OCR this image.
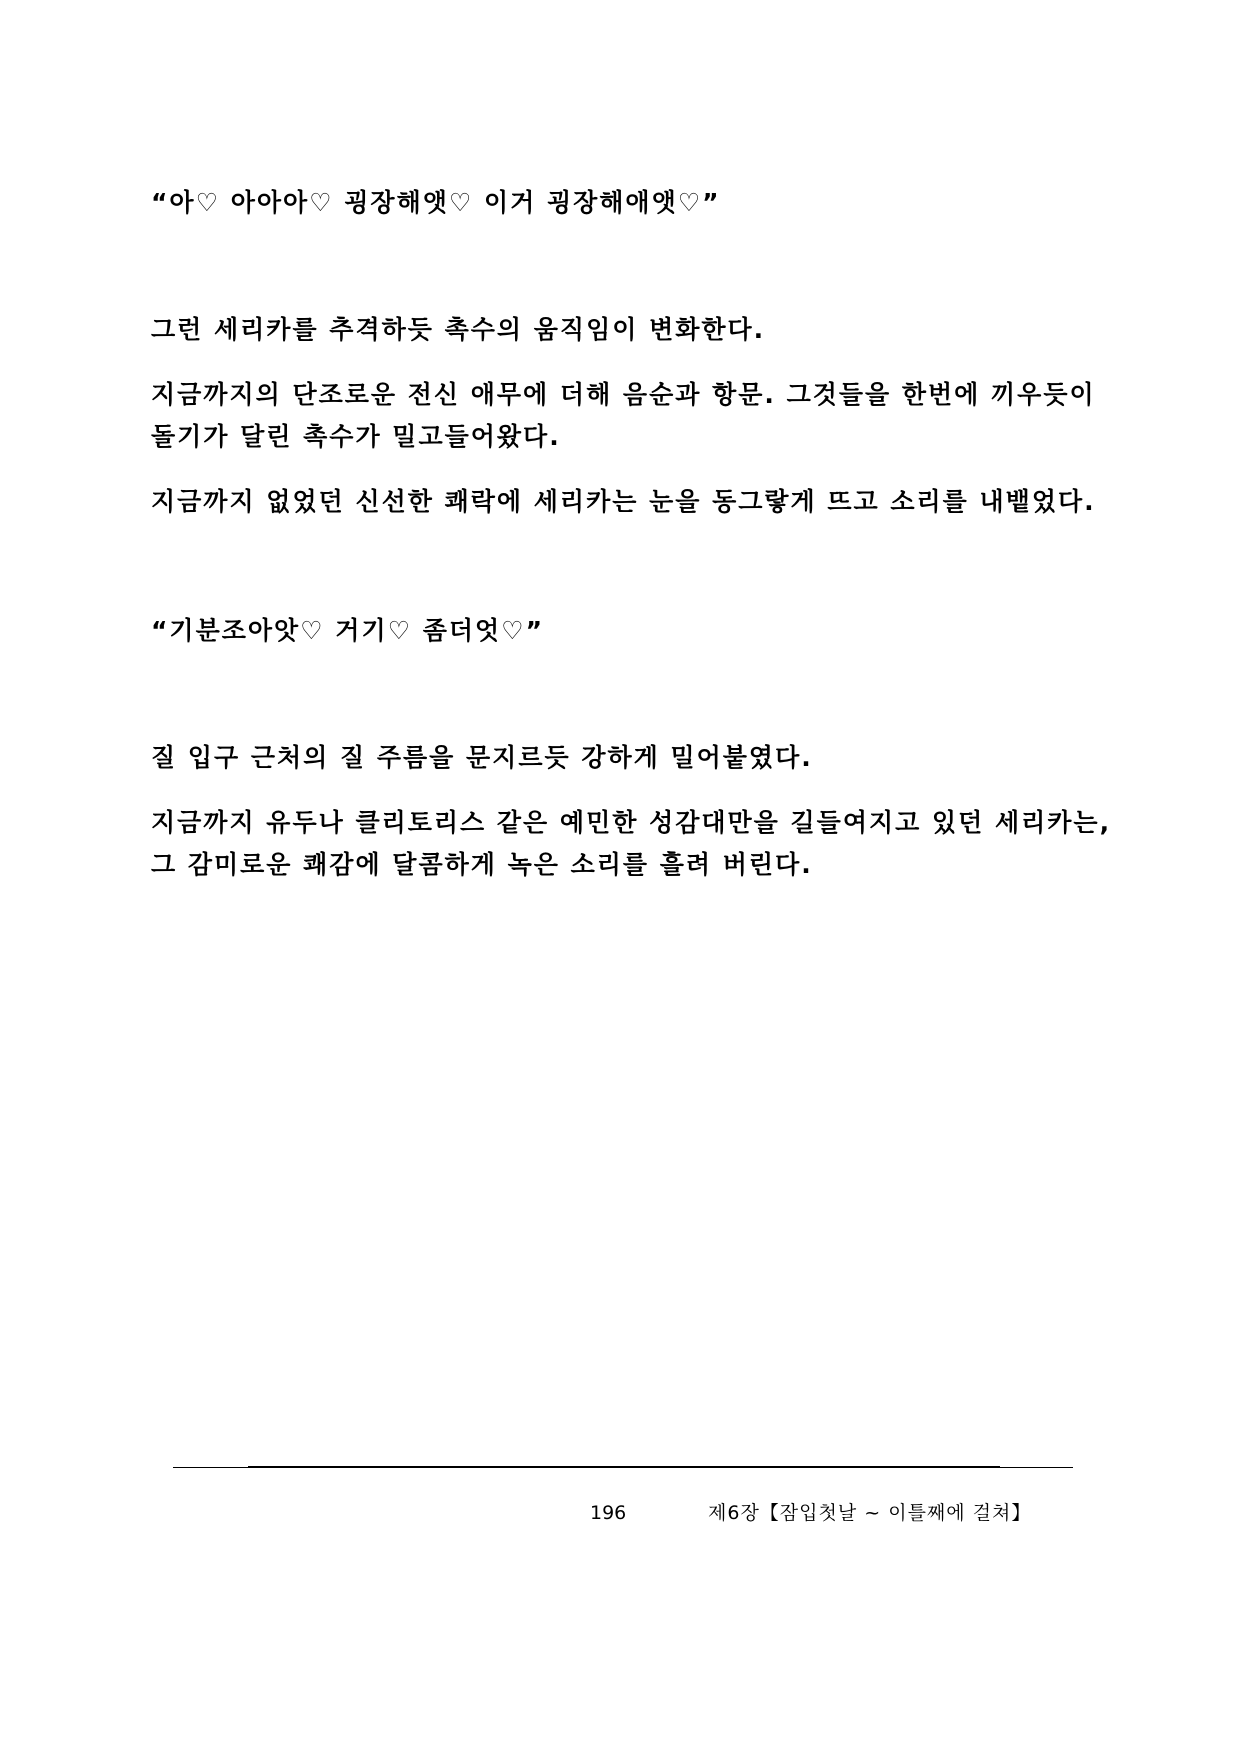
“아♡ 아아아♡ 굉장해앳♡ 이거 굉장해애앳♡”
그런 세리카를 추격하듯 촉수의 움직임이 변화한다.
지금까지의 단조로운 전신 애무에 더해 음순과 항문. 그것들을 한번에 끼우듯이
돌기가 달린 촉수가 밀고들어왔다.
지금까지 없었던 신선한 쾌락에 세리카는 눈을 동그랗게 뜨고 소리를 내뱉었다.
“기분조아앗♡ 거기♡ 좀더엇♡”
질 입구 근처의 질 주름을 문지르듯 강하게 밀어붙였다.
지금까지 유두나 클리토리스 같은 예민한 성감대만을 길들여지고 있던 세리카는,
그 감미로운 쾌감에 달콤하게 녹은 소리를 흘려 버린다.
196	제6장【잠입첫날 ~ 이틀째에 걸쳐】
